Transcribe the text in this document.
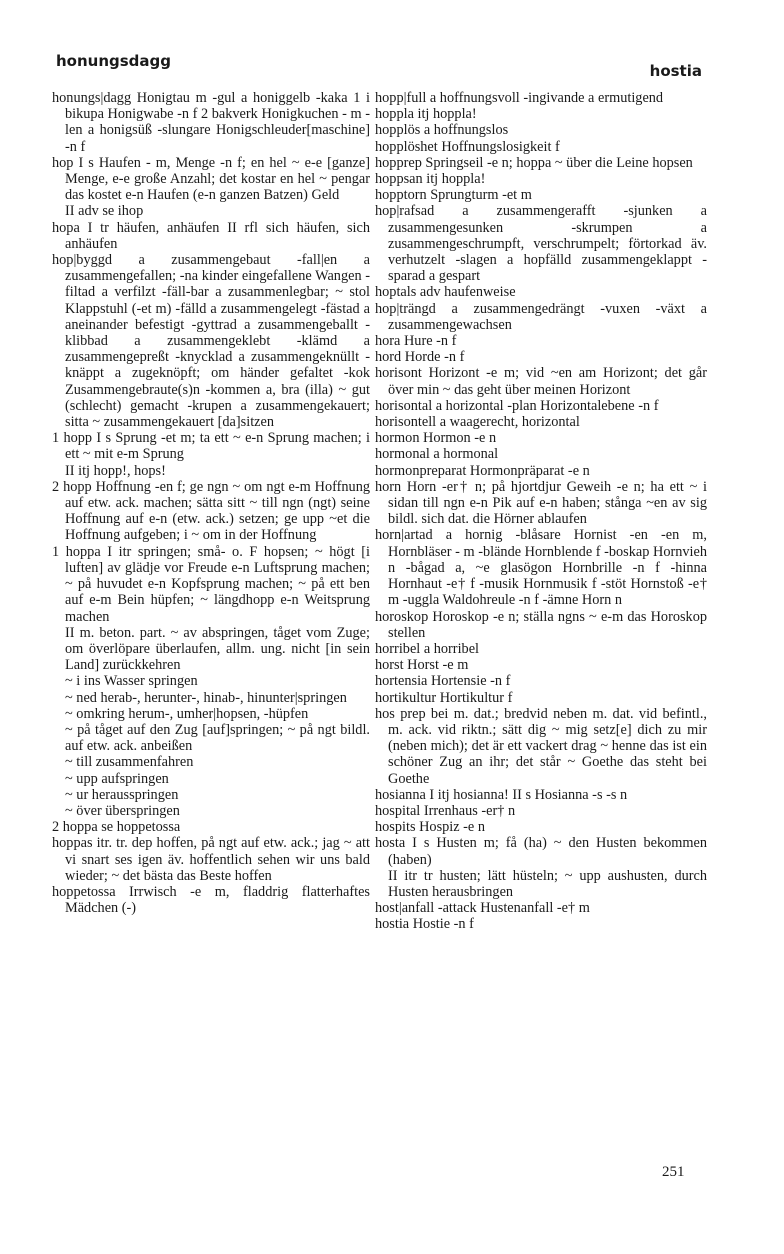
honungsdagg
hostia

honungs|dagg Honigtau m -gul a honiggelb -kaka 1 i bikupa Honigwabe -n f 2 bakverk Honigkuchen - m -len a honigsüß -slungare Honigschleuder[maschine] -n f

hop I s Haufen - m, Menge -n f; en hel ~ e-e [ganze] Menge, e-e große Anzahl; det kostar en hel ~ pengar das kostet e-n Haufen (e-n ganzen Batzen) Geld

II adv se ihop

hopa I tr häufen, anhäufen II rfl sich häufen, sich anhäufen

hop|byggd a zusammengebaut -fall|en a zusammengefallen; -na kinder eingefallene Wangen -filtad a verfilzt -fäll-bar a zusammenlegbar; ~ stol Klappstuhl (-et m) -fälld a zusammengelegt -fästad a aneinander befestigt -gyttrad a zusammengeballt -klibbad a zusammengeklebt -klämd a zusammengepreßt -knycklad a zusammengeknüllt -knäppt a zugeknöpft; om händer gefaltet -kok Zusammengebraute(s)n -kommen a, bra (illa) ~ gut (schlecht) gemacht -krupen a zusammengekauert; sitta ~ zusammengekauert [da]sitzen

1 hopp I s Sprung -et m; ta ett ~ e-n Sprung machen; i ett ~ mit e-m Sprung

II itj hopp!, hops!

2 hopp Hoffnung -en f; ge ngn ~ om ngt e-m Hoffnung auf etw. ack. machen; sätta sitt ~ till ngn (ngt) seine Hoffnung auf e-n (etw. ack.) setzen; ge upp ~et die Hoffnung aufgeben; i ~ om in der Hoffnung

1 hoppa I itr springen; små- o. F hopsen; ~ högt [i luften] av glädje vor Freude e-n Luftsprung machen; ~ på huvudet e-n Kopfsprung machen; ~ på ett ben auf e-m Bein hüpfen; ~ längdhopp e-n Weitsprung machen

II m. beton. part. ~ av abspringen, tåget vom Zuge; om överlöpare überlaufen, allm. ung. nicht [in sein Land] zurückkehren

~ i ins Wasser springen

~ ned herab-, herunter-, hinab-, hinunter|springen

~ omkring herum-, umher|hopsen, -hüpfen

~ på tåget auf den Zug [auf]springen; ~ på ngt bildl. auf etw. ack. anbeißen

~ till zusammenfahren

~ upp aufspringen

~ ur herausspringen

~ över überspringen

2 hoppa se hoppetossa

hoppas itr. tr. dep hoffen, på ngt auf etw. ack.; jag ~ att vi snart ses igen äv. hoffentlich sehen wir uns bald wieder; ~ det bästa das Beste hoffen

hoppetossa Irrwisch -e m, fladdrig flatterhaftes Mädchen (-)

hopp|full a hoffnungsvoll -ingivande a ermutigend

hoppla itj hoppla!

hopplös a hoffnungslos

hopplöshet Hoffnungslosigkeit f

hopprep Springseil -e n; hoppa ~ über die Leine hopsen

hoppsan itj hoppla!

hopptorn Sprungturm -et m

hop|rafsad a zusammengerafft -sjunken a zusammengesunken -skrumpen a zusammengeschrumpft, verschrumpelt; förtorkad äv. verhutzelt -slagen a hopfälld zusammengeklappt -sparad a gespart

hoptals adv haufenweise

hop|trängd a zusammengedrängt -vuxen -växt a zusammengewachsen

hora Hure -n f

hord Horde -n f

horisont Horizont -e m; vid ~en am Horizont; det går över min ~ das geht über meinen Horizont

horisontal a horizontal -plan Horizontalebene -n f

horisontell a waagerecht, horizontal

hormon Hormon -e n

hormonal a hormonal

hormonpreparat Hormonpräparat -e n

horn Horn -er† n; på hjortdjur Geweih -e n; ha ett ~ i sidan till ngn e-n Pik auf e-n haben; stånga ~en av sig bildl. sich dat. die Hörner ablaufen

horn|artad a hornig -blåsare Hornist -en -en m, Hornbläser - m -blände Hornblende f -boskap Hornvieh n -bågad a, ~e glasögon Hornbrille -n f -hinna Hornhaut -e† f -musik Hornmusik f -stöt Hornstoß -e† m -uggla Waldohreule -n f -ämne Horn n

horoskop Horoskop -e n; ställa ngns ~ e-m das Horoskop stellen

horribel a horribel

horst Horst -e m

hortensia Hortensie -n f

hortikultur Hortikultur f

hos prep bei m. dat.; bredvid neben m. dat. vid befintl., m. ack. vid riktn.; sätt dig ~ mig setz[e] dich zu mir (neben mich); det är ett vackert drag ~ henne das ist ein schöner Zug an ihr; det står ~ Goethe das steht bei Goethe

hosianna I itj hosianna! II s Hosianna -s -s n

hospital Irrenhaus -er† n

hospits Hospiz -e n

hosta I s Husten m; få (ha) ~ den Husten bekommen (haben)

II itr tr husten; lätt hüsteln; ~ upp aushusten, durch Husten herausbringen

host|anfall -attack Hustenanfall -e† m

hostia Hostie -n f

251
